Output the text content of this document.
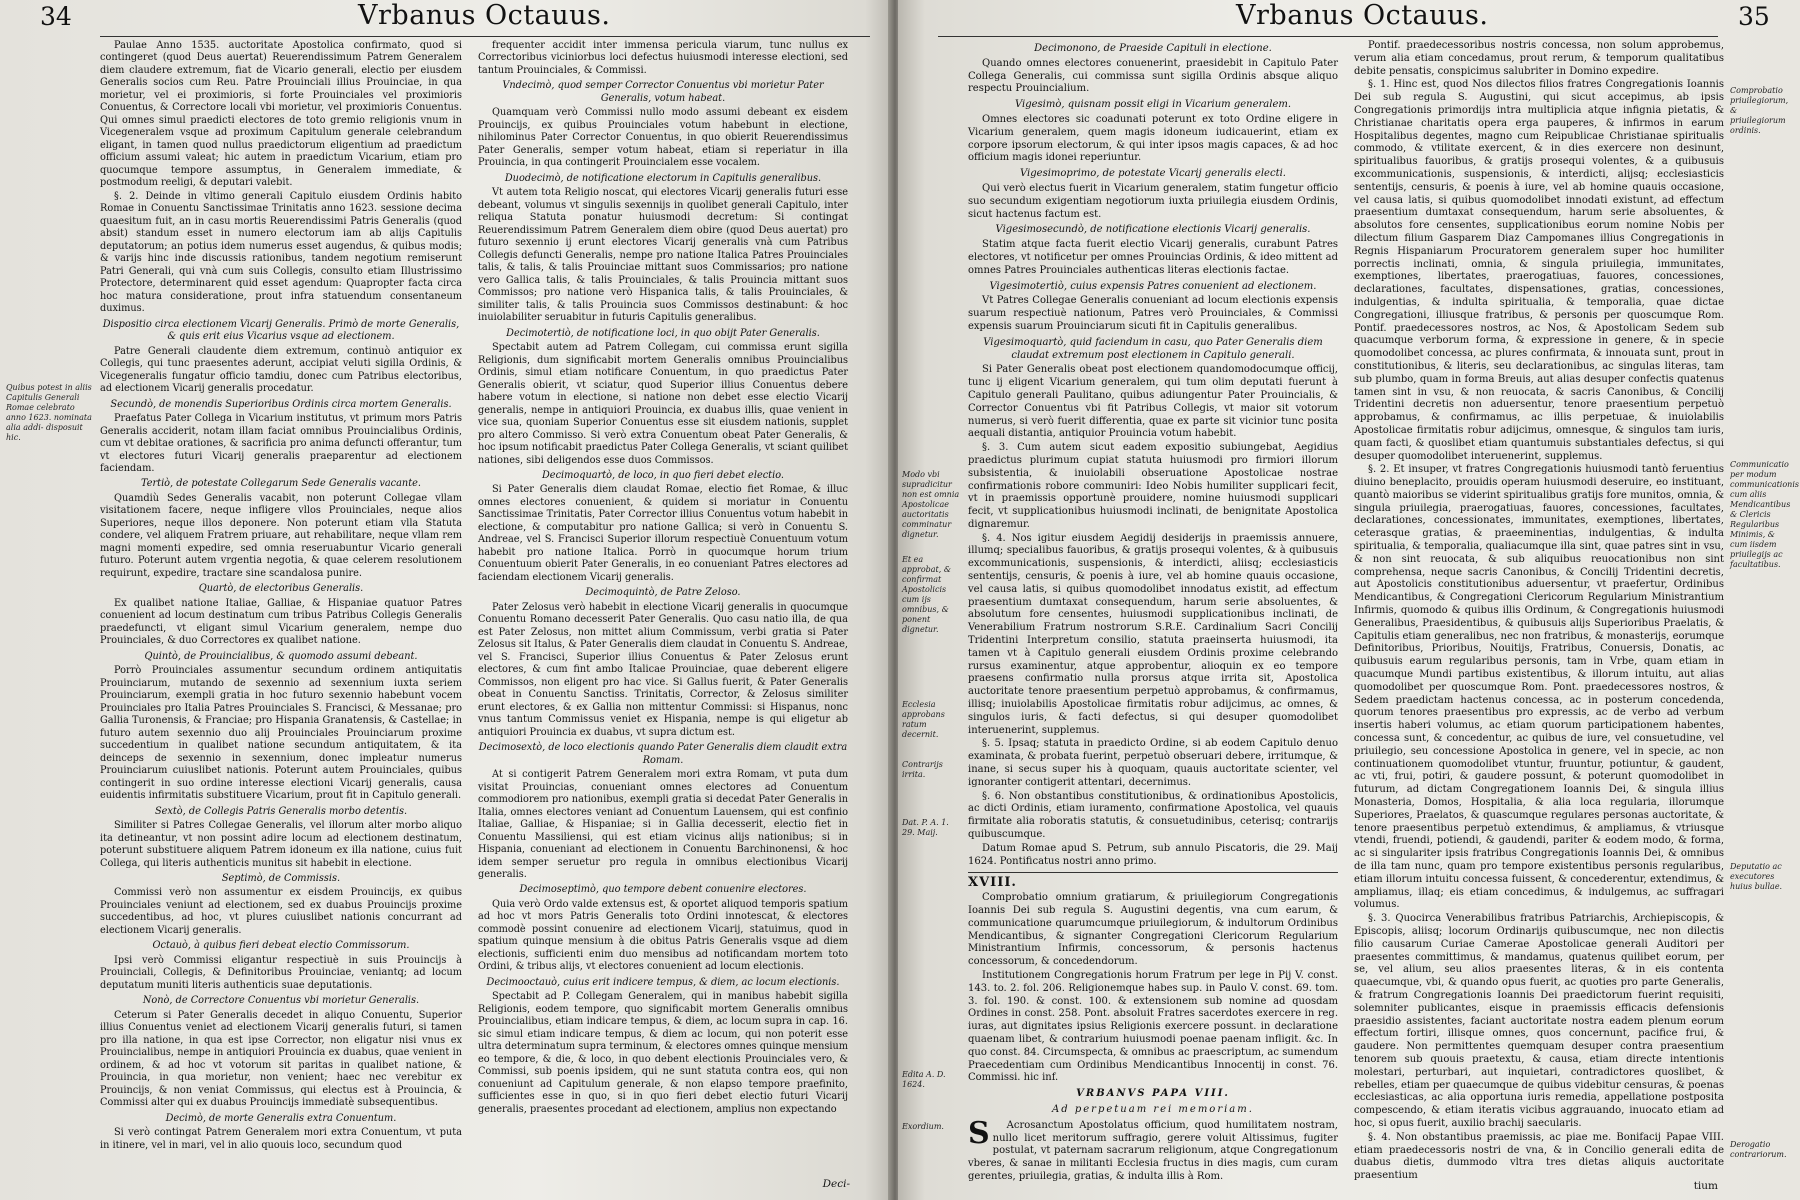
34	Vrbanus Octauus.
Quibus potest in aliis Capitulis Generali Romae celebrato anno 1623. nominata alia addi- disposuit hic.

Paulae Anno 1535. auctoritate Apostolica confirmato, quod si contingeret (quod Deus auertat) Reuerendissimum Patrem Generalem diem claudere extremum, fiat de Vicario generali, electio per eiusdem Generalis socios cum Reu. Patre Prouinciali illius Prouinciae, in qua morietur, vel ei proximioris, si forte Prouinciales vel proximioris Conuentus, & Correctore locali vbi morietur, vel proximioris Conuentus. Qui omnes simul praedicti electores de toto gremio religionis vnum in Vicegeneralem vsque ad proximum Capitulum generale celebrandum eligant, in tamen quod nullus praedictorum eligentium ad praedictum officium assumi valeat; hic autem in praedictum Vicarium, etiam pro quocumque tempore assumptus, in Generalem immediate, & postmodum reeligi, & deputari valebit.

§. 2. Deinde in vltimo generali Capitulo eiusdem Ordinis habito Romae in Conuentu Sanctissimae Trinitatis anno 1623. sessione decima quaesitum fuit, an in casu mortis Reuerendissimi Patris Generalis (quod absit) standum esset in numero electorum iam ab alijs Capitulis deputatorum; an potius idem numerus esset augendus, & quibus modis; & varijs hinc inde discussis rationibus, tandem negotium remiserunt Patri Generali, qui vnà cum suis Collegis, consulto etiam Illustrissimo Protectore, determinarent quid esset agendum: Quapropter facta circa hoc matura consideratione, prout infra statuendum consentaneum duximus.

Dispositio circa electionem Vicarij Generalis. Primò de morte Generalis, & quis erit eius Vicarius vsque ad electionem.

Patre Generali claudente diem extremum, continuò antiquior ex Collegis, qui tunc praesentes aderunt, accipiat veluti sigilla Ordinis, & Vicegeneralis fungatur officio tamdiu, donec cum Patribus electoribus, ad electionem Vicarij generalis procedatur.

Secundò, de monendis Superioribus Ordinis circa mortem Generalis.

Praefatus Pater Collega in Vicarium institutus, vt primum mors Patris Generalis acciderit, notam illam faciat omnibus Prouincialibus Ordinis, cum vt debitae orationes, & sacrificia pro anima defuncti offerantur, tum vt electores futuri Vicarij generalis praeparentur ad electionem faciendam.

Tertiò, de potestate Collegarum Sede Generalis vacante.

Quamdiù Sedes Generalis vacabit, non poterunt Collegae vllam visitationem facere, neque infligere vllos Prouinciales, neque alios Superiores, neque illos deponere. Non poterunt etiam vlla Statuta condere, vel aliquem Fratrem priuare, aut rehabilitare, neque vllam rem magni momenti expedire, sed omnia reseruabuntur Vicario generali futuro. Poterunt autem vrgentia negotia, & quae celerem resolutionem requirunt, expedire, tractare sine scandalosa punire.

Quartò, de electoribus Generalis.

Ex qualibet natione Italiae, Galliae, & Hispaniae quatuor Patres conuenient ad locum destinatum cum tribus Patribus Collegis Generalis praedefuncti, vt eligant simul Vicarium generalem, nempe duo Prouinciales, & duo Correctores ex qualibet natione.

Quintò, de Prouincialibus, & quomodo assumi debeant.

Porrò Prouinciales assumentur secundum ordinem antiquitatis Prouinciarum, mutando de sexennio ad sexennium iuxta seriem Prouinciarum, exempli gratia in hoc futuro sexennio habebunt vocem Prouinciales pro Italia Patres Prouinciales S. Francisci, & Messanae; pro Gallia Turonensis, & Franciae; pro Hispania Granatensis, & Castellae; in futuro autem sexennio duo alij Prouinciales Prouinciarum proxime succedentium in qualibet natione secundum antiquitatem, & ita deinceps de sexennio in sexennium, donec impleatur numerus Prouinciarum cuiuslibet nationis. Poterunt autem Prouinciales, quibus contingerit in suo ordine interesse electioni Vicarij generalis, causa euidentis infirmitatis substituere Vicarium, prout fit in Capitulo generali.

Sextò, de Collegis Patris Generalis morbo detentis.

Similiter si Patres Collegae Generalis, vel illorum alter morbo aliquo ita detineantur, vt non possint adire locum ad electionem destinatum, poterunt substituere aliquem Patrem idoneum ex illa natione, cuius fuit Collega, qui literis authenticis munitus sit habebit in electione.

Septimò, de Commissis.

Commissi verò non assumentur ex eisdem Prouincijs, ex quibus Prouinciales veniunt ad electionem, sed ex duabus Prouincijs proxime succedentibus, ad hoc, vt plures cuiuslibet nationis concurrant ad electionem Vicarij generalis.

Octauò, à quibus fieri debeat electio Commissorum.

Ipsi verò Commissi eligantur respectiuè in suis Prouincijs à Prouinciali, Collegis, & Definitoribus Prouinciae, veniantq; ad locum deputatum muniti literis authenticis suae deputationis.

Nonò, de Correctore Conuentus vbi morietur Generalis.

Ceterum si Pater Generalis decedet in aliquo Conuentu, Superior illius Conuentus veniet ad electionem Vicarij generalis futuri, si tamen pro illa natione, in qua est ipse Corrector, non eligatur nisi vnus ex Prouincialibus, nempe in antiquiori Prouincia ex duabus, quae venient in ordinem, & ad hoc vt votorum sit paritas in qualibet natione, & Prouincia, in qua morietur, non venient; haec nec verebitur ex Prouincijs, & non veniat Commissus, qui electus est à Prouincia, & Commissi alter qui ex duabus Prouincijs immediatè subsequentibus.

Decimò, de morte Generalis extra Conuentum.

Si verò contingat Patrem Generalem mori extra Conuentum, vt puta in itinere, vel in mari, vel in alio quouis loco, secundum quod

frequenter accidit inter immensa pericula viarum, tunc nullus ex Correctoribus viciniorbus loci defectus huiusmodi interesse electioni, sed tantum Prouinciales, & Commissi.

Vndecimò, quod semper Corrector Conuentus vbi morietur Pater Generalis, votum habeat.

Quamquam verò Commissi nullo modo assumi debeant ex eisdem Prouincijs, ex quibus Prouinciales votum habebunt in electione, nihilominus Pater Corrector Conuentus, in quo obierit Reuerendissimus Pater Generalis, semper votum habeat, etiam si reperiatur in illa Prouincia, in qua contingerit Prouincialem esse vocalem.

Duodecimò, de notificatione electorum in Capitulis generalibus.

Vt autem tota Religio noscat, qui electores Vicarij generalis futuri esse debeant, volumus vt singulis sexennijs in quolibet generali Capitulo, inter reliqua Statuta ponatur huiusmodi decretum: Si contingat Reuerendissimum Patrem Generalem diem obire (quod Deus auertat) pro futuro sexennio ij erunt electores Vicarij generalis vnà cum Patribus Collegis defuncti Generalis, nempe pro natione Italica Patres Prouinciales talis, & talis, & talis Prouinciae mittant suos Commissarios; pro natione vero Gallica talis, & talis Prouinciales, & talis Prouincia mittant suos Commissos; pro natione verò Hispanica talis, & talis Prouinciales, & similiter talis, & talis Prouincia suos Commissos destinabunt: & hoc inuiolabiliter seruabitur in futuris Capitulis generalibus.

Decimotertiò, de notificatione loci, in quo obijt Pater Generalis.

Spectabit autem ad Patrem Collegam, cui commissa erunt sigilla Religionis, dum significabit mortem Generalis omnibus Prouincialibus Ordinis, simul etiam notificare Conuentum, in quo praedictus Pater Generalis obierit, vt sciatur, quod Superior illius Conuentus debere habere votum in electione, si natione non debet esse electio Vicarij generalis, nempe in antiquiori Prouincia, ex duabus illis, quae venient in vice sua, quoniam Superior Conuentus esse sit eiusdem nationis, supplet pro altero Commisso. Si verò extra Conuentum obeat Pater Generalis, & hoc ipsum notificabit praedictus Pater Collega Generalis, vt sciant quilibet nationes, sibi deligendos esse duos Commissos.

Decimoquartò, de loco, in quo fieri debet electio.

Si Pater Generalis diem claudat Romae, electio fiet Romae, & illuc omnes electores conuenient, & quidem si moriatur in Conuentu Sanctissimae Trinitatis, Pater Corrector illius Conuentus votum habebit in electione, & computabitur pro natione Gallica; si verò in Conuentu S. Andreae, vel S. Francisci Superior illorum respectiuè Conuentuum votum habebit pro natione Italica. Porrò in quocumque horum trium Conuentuum obierit Pater Generalis, in eo conueniant Patres electores ad faciendam electionem Vicarij generalis.

Decimoquintò, de Patre Zeloso.

Pater Zelosus verò habebit in electione Vicarij generalis in quocumque Conuentu Romano decesserit Pater Generalis. Quo casu natio illa, de qua est Pater Zelosus, non mittet alium Commissum, verbi gratia si Pater Zelosus sit Italus, & Pater Generalis diem claudat in Conuentu S. Andreae, vel S. Francisci, Superior illius Conuentus & Pater Zelosus erunt electores, & cum fint ambo Italicae Prouinciae, quae deberent eligere Commissos, non eligent pro hac vice. Si Gallus fuerit, & Pater Generalis obeat in Conuentu Sanctiss. Trinitatis, Corrector, & Zelosus similiter erunt electores, & ex Gallia non mittentur Commissi: si Hispanus, nonc vnus tantum Commissus veniet ex Hispania, nempe is qui eligetur ab antiquiori Prouincia ex duabus, vt supra dictum est.

Decimosextò, de loco electionis quando Pater Generalis diem claudit extra Romam.

At si contigerit Patrem Generalem mori extra Romam, vt puta dum visitat Prouincias, conueniant omnes electores ad Conuentum commodiorem pro nationibus, exempli gratia si decedat Pater Generalis in Italia, omnes electores veniant ad Conuentum Lauensem, qui est confinio Italiae, Galliae, & Hispaniae; si in Gallia decesserit, electio fiet in Conuentu Massiliensi, qui est etiam vicinus alijs nationibus; si in Hispania, conueniant ad electionem in Conuentu Barchinonensi, & hoc idem semper seruetur pro regula in omnibus electionibus Vicarij generalis.

Decimoseptimò, quo tempore debent conuenire electores.

Quia verò Ordo valde extensus est, & oportet aliquod temporis spatium ad hoc vt mors Patris Generalis toto Ordini innotescat, & electores commodè possint conuenire ad electionem Vicarij, statuimus, quod in spatium quinque mensium à die obitus Patris Generalis vsque ad diem electionis, sufficienti enim duo mensibus ad notificandam mortem toto Ordini, & tribus alijs, vt electores conuenient ad locum electionis.

Decimooctauò, cuius erit indicere tempus, & diem, ac locum electionis.

Spectabit ad P. Collegam Generalem, qui in manibus habebit sigilla Religionis, eodem tempore, quo significabit mortem Generalis omnibus Prouincialibus, etiam indicare tempus, & diem, ac locum supra in cap. 16. sic simul etiam indicare tempus, & diem ac locum, qui non poterit esse ultra determinatum supra terminum, & electores omnes quinque mensium eo tempore, & die, & loco, in quo debent electionis Prouinciales vero, & Commissi, sub poenis ipsidem, qui ne sunt statuta contra eos, qui non conueniunt ad Capitulum generale, & non elapso tempore praefinito, sufficientes esse in quo, si in quo fieri debet electio futuri Vicarij generalis, praesentes procedant ad electionem, amplius non expectando

Deci-
Vrbanus Octauus.	35
Modo vbi supradicitur non est omnia Apostolicae auctoritatis comminatur dignetur.
Et ea approbat, & confirmat Apostolicis cum ijs omnibus, & ponent dignetur.
Ecclesia approbans ratum decernit.
Contrarijs irrita.
Dat. P. A. 1. 29. Maij.
Edita A. D. 1624.
Exordium.
Comprobatio priuilegiorum, & priuilegiorum ordinis.
Communicatio per modum communicationis cum aliis Mendicantibus & Clericis Regularibus Minimis, & cum iisdem priuilegijs ac facultatibus.
Deputatio ac executores huius bullae.
Derogatio contrariorum.
Decimonono, de Praeside Capituli in electione.

Quando omnes electores conuenerint, praesidebit in Capitulo Pater Collega Generalis, cui commissa sunt sigilla Ordinis absque aliquo respectu Prouincialium.

Vigesimò, quisnam possit eligi in Vicarium generalem.

Omnes electores sic coadunati poterunt ex toto Ordine eligere in Vicarium generalem, quem magis idoneum iudicauerint, etiam ex corpore ipsorum electorum, & qui inter ipsos magis capaces, & ad hoc officium magis idonei reperiuntur.

Vigesimoprimo, de potestate Vicarij generalis electi.

Qui verò electus fuerit in Vicarium generalem, statim fungetur officio suo secundum exigentiam negotiorum iuxta priuilegia eiusdem Ordinis, sicut hactenus factum est.

Vigesimosecundò, de notificatione electionis Vicarij generalis.

Statim atque facta fuerit electio Vicarij generalis, curabunt Patres electores, vt notificetur per omnes Prouincias Ordinis, & ideo mittent ad omnes Patres Prouinciales authenticas literas electionis factae.

Vigesimotertiò, cuius expensis Patres conuenient ad electionem.

Vt Patres Collegae Generalis conueniant ad locum electionis expensis suarum respectiuè nationum, Patres verò Prouinciales, & Commissi expensis suarum Prouinciarum sicuti fit in Capitulis generalibus.

Vigesimoquartò, quid faciendum in casu, quo Pater Generalis diem claudat extremum post electionem in Capitulo generali.

Si Pater Generalis obeat post electionem quandomodocumque officij, tunc ij eligent Vicarium generalem, qui tum olim deputati fuerunt à Capitulo generali Paulitano, quibus adiungentur Pater Prouincialis, & Corrector Conuentus vbi fit Patribus Collegis, vt maior sit votorum numerus, si verò fuerit differentia, quae ex parte sit vicinior tunc posita aequali distantia, antiquior Prouincia votum habebit.

§. 3. Cum autem sicut eadem expositio subiungebat, Aegidius praedictus plurimum cupiat statuta huiusmodi pro firmiori illorum subsistentia, & inuiolabili obseruatione Apostolicae nostrae confirmationis robore communiri: Ideo Nobis humiliter supplicari fecit, vt in praemissis opportunè prouidere, nomine huiusmodi supplicari fecit, vt supplicationibus huiusmodi inclinati, de benignitate Apostolica dignaremur.

§. 4. Nos igitur eiusdem Aegidij desiderijs in praemissis annuere, illumq; specialibus fauoribus, & gratijs prosequi volentes, & à quibusuis excommunicationis, suspensionis, & interdicti, aliisq; ecclesiasticis sententijs, censuris, & poenis à iure, vel ab homine quauis occasione, vel causa latis, si quibus quomodolibet innodatus existit, ad effectum praesentium dumtaxat consequendum, harum serie absoluentes, & absolutum fore censentes, huiusmodi supplicationibus inclinati, de Venerabilium Fratrum nostrorum S.R.E. Cardinalium Sacri Concilij Tridentini Interpretum consilio, statuta praeinserta huiusmodi, ita tamen vt à Capitulo generali eiusdem Ordinis proxime celebrando rursus examinentur, atque approbentur, alioquin ex eo tempore praesens confirmatio nulla prorsus atque irrita sit, Apostolica auctoritate tenore praesentium perpetuò approbamus, & confirmamus, illisq; inuiolabilis Apostolicae firmitatis robur adijcimus, ac omnes, & singulos iuris, & facti defectus, si qui desuper quomodolibet interuenerint, supplemus.

§. 5. Ipsaq; statuta in praedicto Ordine, si ab eodem Capitulo denuo examinata, & probata fuerint, perpetuò obseruari debere, irritumque, & inane, si secus super his à quoquam, quauis auctoritate scienter, vel ignoranter contigerit attentari, decernimus.

§. 6. Non obstantibus constitutionibus, & ordinationibus Apostolicis, ac dicti Ordinis, etiam iuramento, confirmatione Apostolica, vel quauis firmitate alia roboratis statutis, & consuetudinibus, ceterisq; contrarijs quibuscumque.

Datum Romae apud S. Petrum, sub annulo Piscatoris, die 29. Maij 1624. Pontificatus nostri anno primo.

XVIII.

Comprobatio omnium gratiarum, & priuilegiorum Congregationis Ioannis Dei sub regula S. Augustini degentis, vna cum earum, & communicatione quarumcumque priuilegiorum, & indultorum Ordinibus Mendicantibus, & signanter Congregationi Clericorum Regularium Ministrantium Infirmis, concessorum, & personis hactenus concessorum, & concedendorum.

Institutionem Congregationis horum Fratrum per lege in Pij V. const. 143. to. 2. fol. 206. Religionemque habes sup. in Paulo V. const. 69. tom. 3. fol. 190. & const. 100. & extensionem sub nomine ad quosdam Ordines in const. 258. Pont. absoluit Fratres sacerdotes exercere in reg. iuras, aut dignitates ipsius Religionis exercere possunt. in declaratione quaenam libet, & contrarium huiusmodi poenae paenam infligit. &c. In quo const. 84. Circumspecta, & omnibus ac praescriptum, ac sumendum Praecedentiam cum Ordinibus Mendicantibus Innocentij in const. 76. Commissi. hic inf.

VRBANVS PAPA VIII.
Ad perpetuam rei memoriam.
S	Acrosanctum Apostolatus officium, quod humilitatem nostram, nullo licet meritorum suffragio, gerere voluit Altissimus, fugiter postulat, vt paternam sacrarum religionum, atque Congregationum vberes, & sanae in militanti Ecclesia fructus in dies magis, cum curam gerentes, priuilegia, gratias, & indulta illis à Rom.

Pontif. praedecessoribus nostris concessa, non solum approbemus, verum alia etiam concedamus, prout rerum, & temporum qualitatibus debite pensatis, conspicimus salubriter in Domino expedire.

§. 1. Hinc est, quod Nos dilectos filios fratres Congregationis Ioannis Dei sub regula S. Augustini, qui sicut accepimus, ab ipsis Congregationis primordijs intra multiplicia atque infignia pietatis, & Christianae charitatis opera erga pauperes, & infirmos in earum Hospitalibus degentes, magno cum Reipublicae Christianae spiritualis commodo, & vtilitate exercent, & in dies exercere non desinunt, spiritualibus fauoribus, & gratijs prosequi volentes, & a quibusuis excommunicationis, suspensionis, & interdicti, alijsq; ecclesiasticis sententijs, censuris, & poenis à iure, vel ab homine quauis occasione, vel causa latis, si quibus quomodolibet innodati existunt, ad effectum praesentium dumtaxat consequendum, harum serie absoluentes, & absolutos fore censentes, supplicationibus eorum nomine Nobis per dilectum filium Gasparem Diaz Campomanes illius Congregationis in Regnis Hispaniarum Procuratorem generalem super hoc humiliter porrectis inclinati, omnia, & singula priuilegia, immunitates, exemptiones, libertates, praerogatiuas, fauores, concessiones, declarationes, facultates, dispensationes, gratias, concessiones, indulgentias, & indulta spiritualia, & temporalia, quae dictae Congregationi, illiusque fratribus, & personis per quoscumque Rom. Pontif. praedecessores nostros, ac Nos, & Apostolicam Sedem sub quacumque verborum forma, & expressione in genere, & in specie quomodolibet concessa, ac plures confirmata, & innouata sunt, prout in constitutionibus, & literis, seu declarationibus, ac singulas literas, tam sub plumbo, quam in forma Breuis, aut alias desuper confectis quatenus tamen sint in vsu, & non reuocata, & sacris Canonibus, & Concilij Tridentini decretis non aduersentur, tenore praesentium perpetuò approbamus, & confirmamus, ac illis perpetuae, & inuiolabilis Apostolicae firmitatis robur adijcimus, omnesque, & singulos tam iuris, quam facti, & quoslibet etiam quantumuis substantiales defectus, si qui desuper quomodolibet interuenerint, supplemus.

§. 2. Et insuper, vt fratres Congregationis huiusmodi tantò feruentius diuino beneplacito, prouidis operam huiusmodi deseruire, eo instituant, quantò maioribus se viderint spiritualibus gratijs fore munitos, omnia, & singula priuilegia, praerogatiuas, fauores, concessiones, facultates, declarationes, concessionates, immunitates, exemptiones, libertates, ceterasque gratias, & praeeminentias, indulgentias, & indulta spiritualia, & temporalia, qualiacumque illa sint, quae patres sint in vsu, & non sint reuocata, & sub aliquibus reuocationibus non sint comprehensa, neque sacris Canonibus, & Concilij Tridentini decretis, aut Apostolicis constitutionibus aduersentur, vt praefertur, Ordinibus Mendicantibus, & Congregationi Clericorum Regularium Ministrantium Infirmis, quomodo & quibus illis Ordinum, & Congregationis huiusmodi Generalibus, Praesidentibus, & quibusuis alijs Superioribus Praelatis, & Capitulis etiam generalibus, nec non fratribus, & monasterijs, eorumque Definitoribus, Prioribus, Nouitijs, Fratribus, Conuersis, Donatis, ac quibusuis earum regularibus personis, tam in Vrbe, quam etiam in quacumque Mundi partibus existentibus, & illorum intuitu, aut alias quomodolibet per quoscumque Rom. Pont. praedecessores nostros, & Sedem praedictam hactenus concessa, ac in posterum concedenda, quorum tenores praesentibus pro expressis, ac de verbo ad verbum insertis haberi volumus, ac etiam quorum participationem habentes, concessa sunt, & concedentur, ac quibus de iure, vel consuetudine, vel priuilegio, seu concessione Apostolica in genere, vel in specie, ac non continuationem quomodolibet vtuntur, fruuntur, potiuntur, & gaudent, ac vti, frui, potiri, & gaudere possunt, & poterunt quomodolibet in futurum, ad dictam Congregationem Ioannis Dei, & singula illius Monasteria, Domos, Hospitalia, & alia loca regularia, illorumque Superiores, Praelatos, & quascumque regulares personas auctoritate, & tenore praesentibus perpetuò extendimus, & ampliamus, & vtriusque vtendi, fruendi, potiendi, & gaudendi, pariter & eodem modo, & forma, ac si singulariter ipsis fratribus Congregationis Ioannis Dei, & omnibus de illa tam nunc, quam pro tempore existentibus personis regularibus, etiam illorum intuitu concessa fuissent, & concederentur, extendimus, & ampliamus, illaq; eis etiam concedimus, & indulgemus, ac suffragari volumus.

§. 3. Quocirca Venerabilibus fratribus Patriarchis, Archiepiscopis, & Episcopis, aliisq; locorum Ordinarijs quibuscumque, nec non dilectis filio causarum Curiae Camerae Apostolicae generali Auditori per praesentes committimus, & mandamus, quatenus quilibet eorum, per se, vel alium, seu alios praesentes literas, & in eis contenta quaecumque, vbi, & quando opus fuerit, ac quoties pro parte Generalis, & fratrum Congregationis Ioannis Dei praedictorum fuerint requisiti, solemniter publicantes, eisque in praemissis efficacis defensionis praesidio assistentes, faciant auctoritate nostra eadem plenum eorum effectum fortiri, illisque omnes, quos concernunt, pacifice frui, & gaudere. Non permittentes quemquam desuper contra praesentium tenorem sub quouis praetextu, & causa, etiam directe intentionis molestari, perturbari, aut inquietari, contradictores quoslibet, & rebelles, etiam per quaecumque de quibus videbitur censuras, & poenas ecclesiasticas, ac alia opportuna iuris remedia, appellatione postposita compescendo, & etiam iteratis vicibus aggrauando, inuocato etiam ad hoc, si opus fuerit, auxilio brachij saecularis.

§. 4. Non obstantibus praemissis, ac piae me. Bonifacij Papae VIII. etiam praedecessoris nostri de vna, & in Concilio generali edita de duabus dietis, dummodo vltra tres dietas aliquis auctoritate praesentium

tium
